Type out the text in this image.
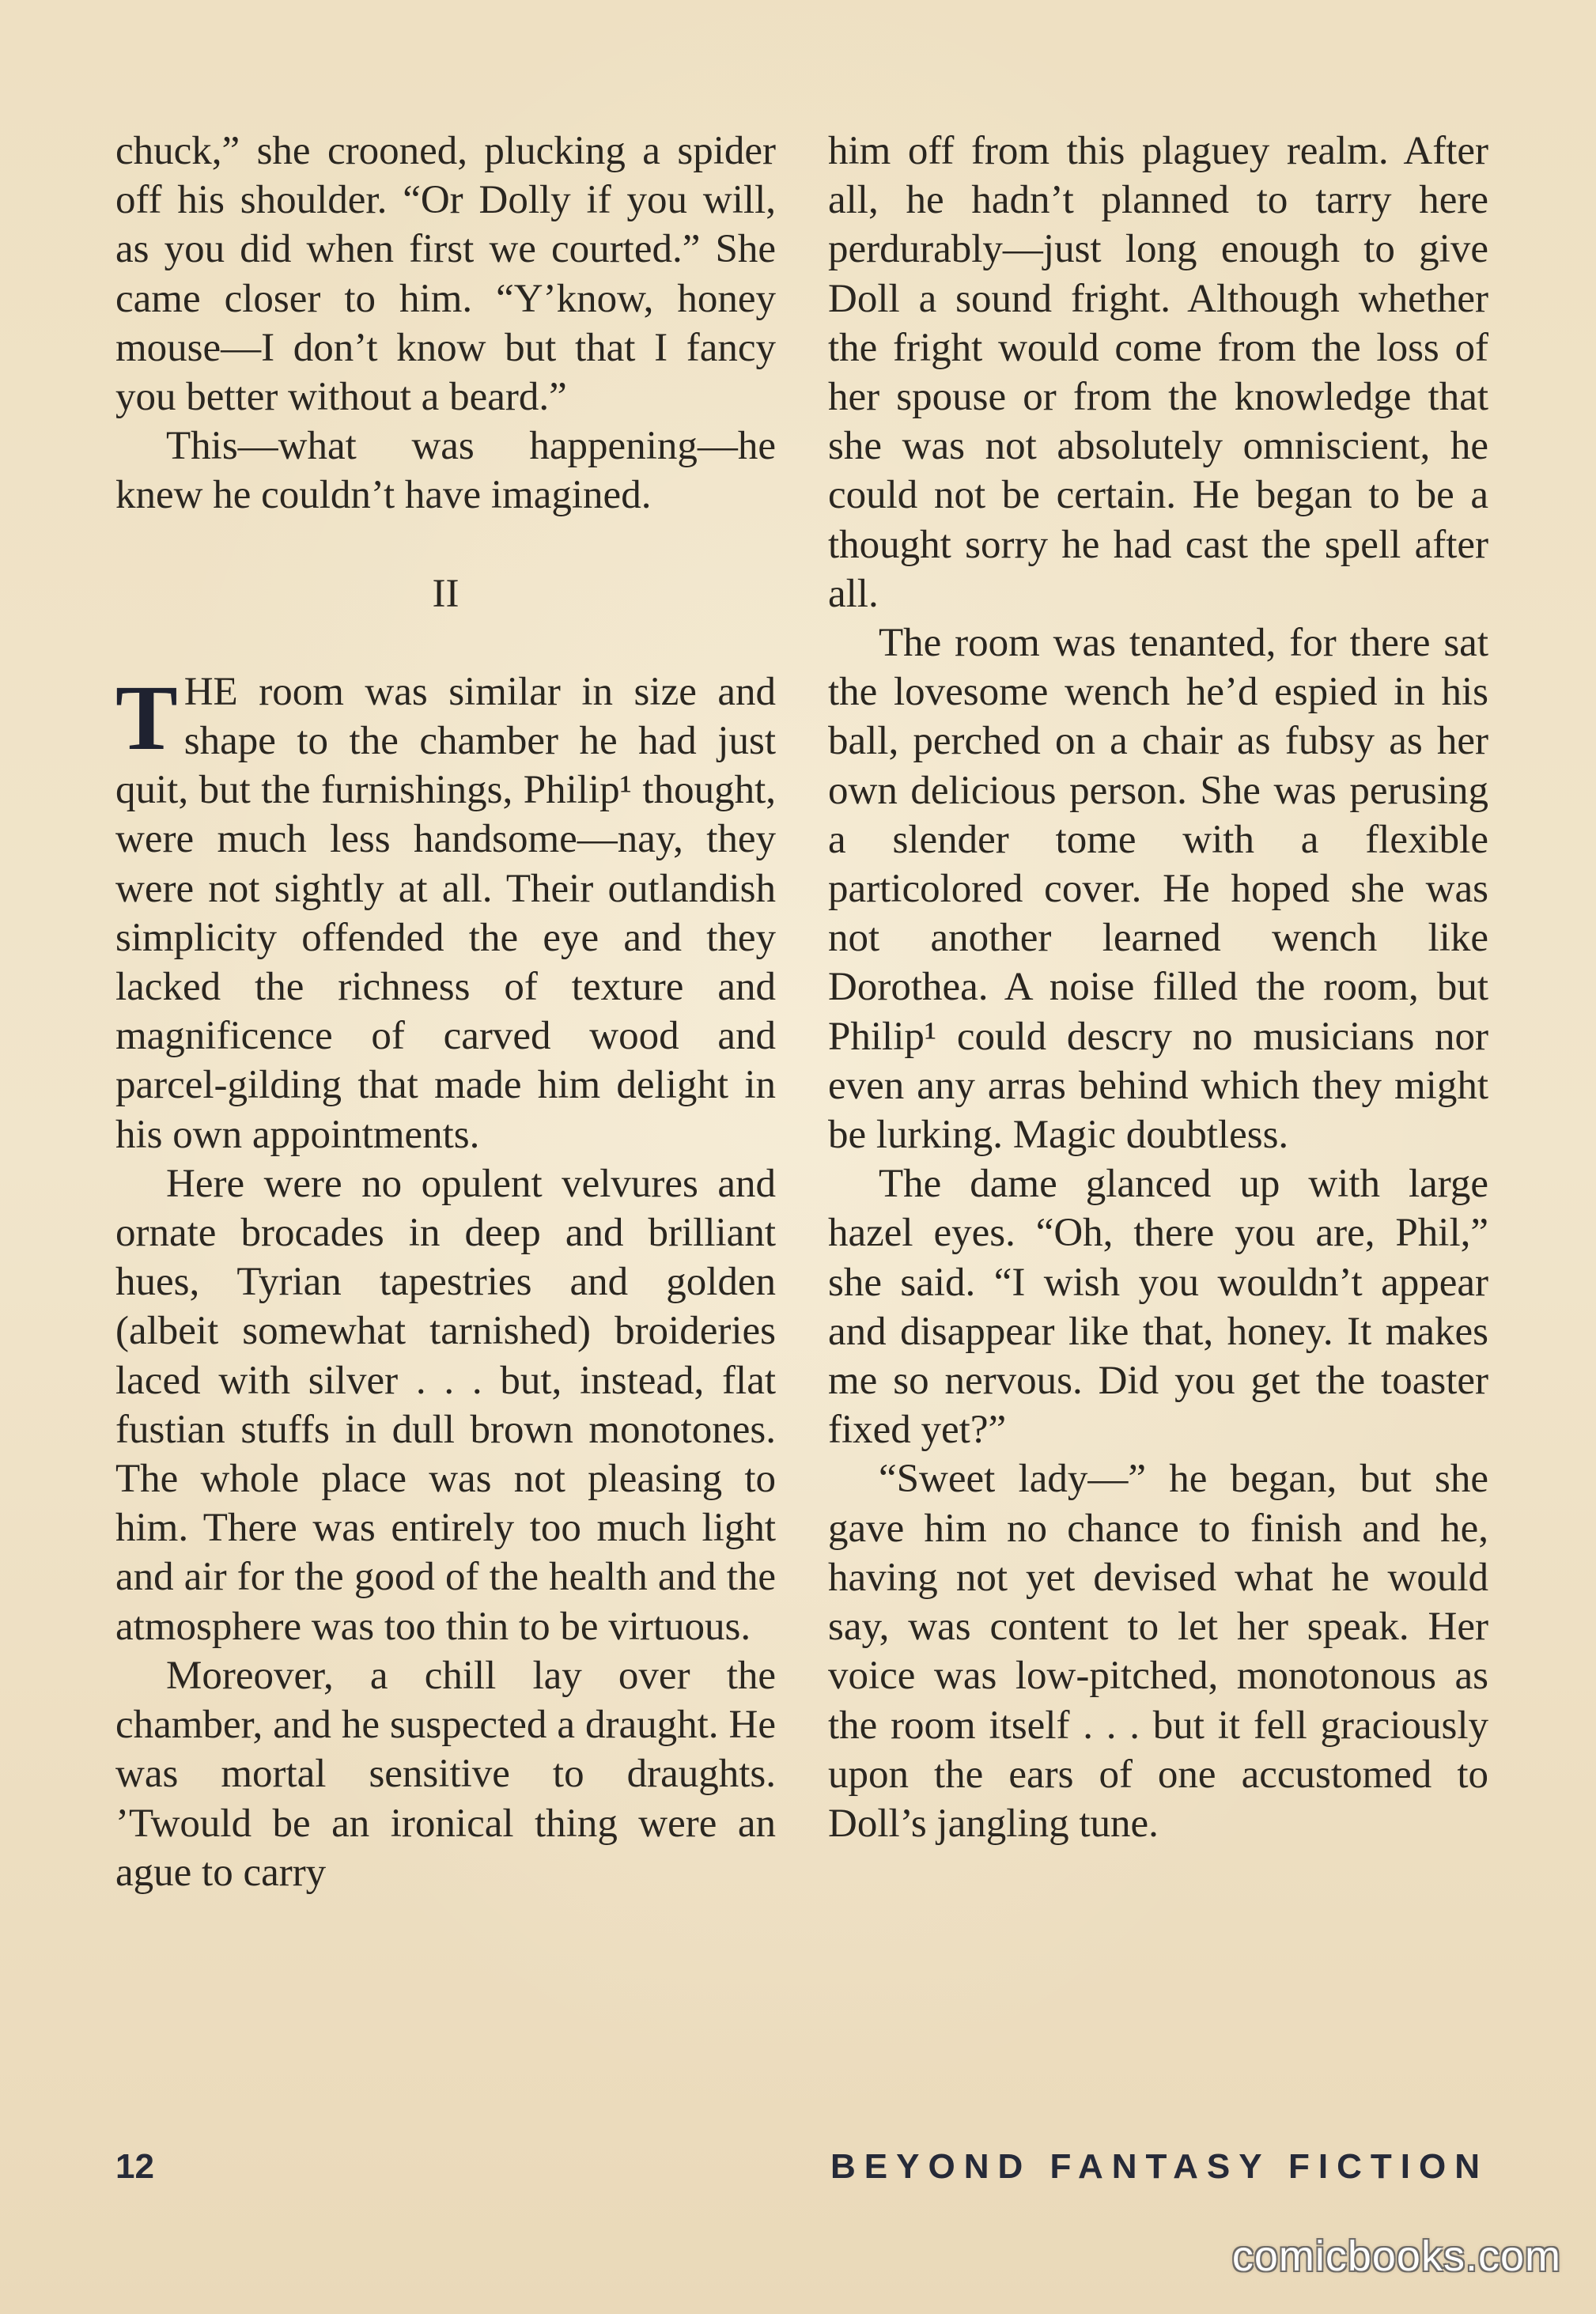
chuck,” she crooned, plucking a spider off his shoulder. “Or Dolly if you will, as you did when first we courted.” She came closer to him. “Y’know, honey mouse—I don’t know but that I fancy you better without a beard.”

This—what was happening—he knew he couldn’t have imagined.

II

THE room was similar in size and shape to the chamber he had just quit, but the furnishings, Philip¹ thought, were much less handsome—nay, they were not sightly at all. Their outlandish simplicity offended the eye and they lacked the richness of texture and magnificence of carved wood and parcel-gilding that made him delight in his own appointments.

Here were no opulent velvures and ornate brocades in deep and brilliant hues, Tyrian tapestries and golden (albeit somewhat tarnished) broideries laced with silver . . . but, instead, flat fustian stuffs in dull brown monotones. The whole place was not pleasing to him. There was entirely too much light and air for the good of the health and the atmosphere was too thin to be virtuous.

Moreover, a chill lay over the chamber, and he suspected a draught. He was mortal sensitive to draughts. ’Twould be an ironical thing were an ague to carry

him off from this plaguey realm. After all, he hadn’t planned to tarry here perdurably—just long enough to give Doll a sound fright. Although whether the fright would come from the loss of her spouse or from the knowledge that she was not absolutely omniscient, he could not be certain. He began to be a thought sorry he had cast the spell after all.

The room was tenanted, for there sat the lovesome wench he’d espied in his ball, perched on a chair as fubsy as her own delicious person. She was perusing a slender tome with a flexible particolored cover. He hoped she was not another learned wench like Dorothea. A noise filled the room, but Philip¹ could descry no musicians nor even any arras behind which they might be lurking. Magic doubtless.

The dame glanced up with large hazel eyes. “Oh, there you are, Phil,” she said. “I wish you wouldn’t appear and disappear like that, honey. It makes me so nervous. Did you get the toaster fixed yet?”

“Sweet lady—” he began, but she gave him no chance to finish and he, having not yet devised what he would say, was content to let her speak. Her voice was low-pitched, monotonous as the room itself . . . but it fell graciously upon the ears of one accustomed to Doll’s jangling tune.

12	BEYOND FANTASY FICTION
comicbooks.com
